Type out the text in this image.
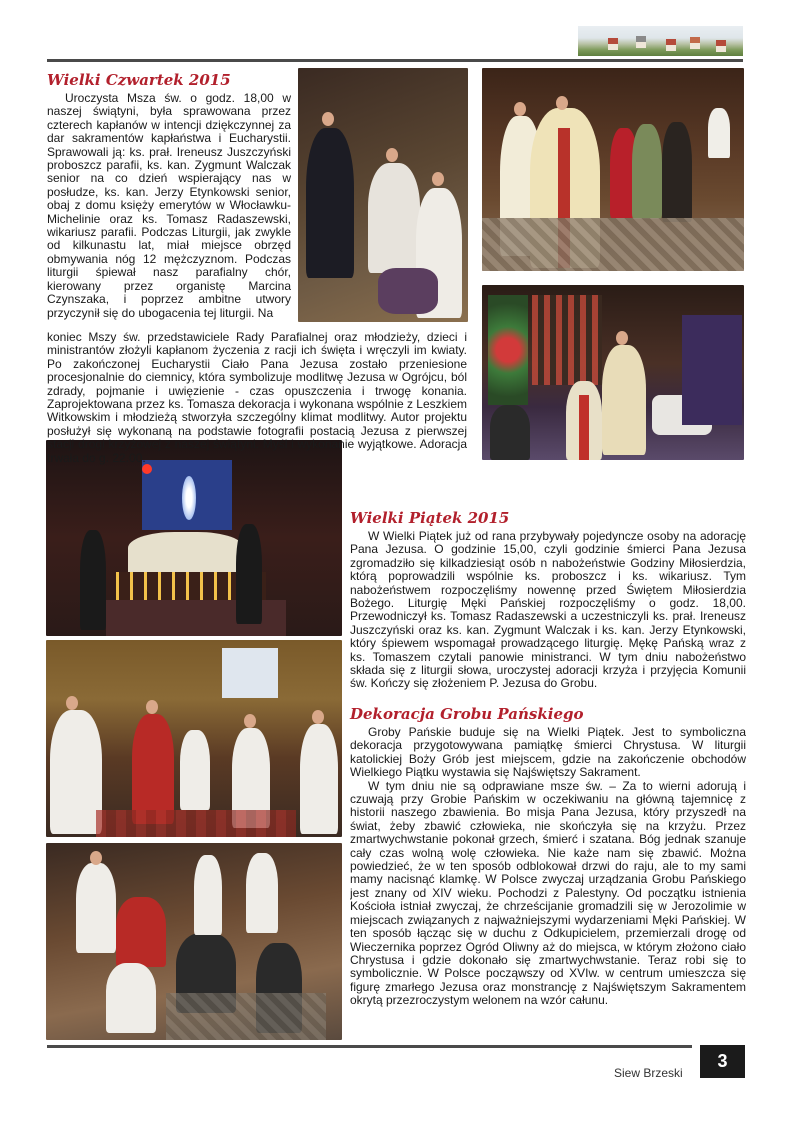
Wielki Czwartek 2015

Uroczysta Msza św. o godz. 18,00 w naszej świątyni, była sprawowana przez czterech kapłanów w intencji dziękczynnej za dar sakramentów kapłaństwa i Eucharystii. Sprawowali ją: ks. prał. Ireneusz Juszczyński proboszcz parafii, ks. kan. Zygmunt Walczak senior na co dzień wspierający nas w posłudze, ks. kan. Jerzy Etynkowski senior, obaj z domu księży emerytów w Włocławku-Michelinie oraz ks. Tomasz Radaszewski, wikariusz parafii. Podczas Liturgii, jak zwykle od kilkunastu lat, miał miejsce obrzęd obmywania nóg 12 mężczyznom. Podczas liturgii śpiewał nasz parafialny chór, kierowany przez organistę Marcina Czynszaka, i poprzez ambitne utwory przyczynił się do ubogacenia tej liturgii. Na

koniec Mszy św. przedstawiciele Rady Parafialnej oraz młodzieży, dzieci i ministrantów złożyli kapłanom życzenia z racji ich święta i wręczyli im kwiaty. Po zakończonej Eucharystii Ciało Pana Jezusa zostało przeniesione procesjonalnie do ciemnicy, która symbolizuje modlitwę Jezusa w Ogrójcu, ból zdrady, pojmanie i uwięzienie - czas opuszczenia i trwogę konania. Zaprojektowana przez ks. Tomasza dekoracja i wykonana wspólnie z Leszkiem Witkowskim i młodzieżą stworzyła szczególny klimat modlitwy. Autor projektu posłużył się wykonaną na podstawie fotografii postacią Jezusa z pierwszej stacji drogi krzyżowej z naszej świątyni. Myśl i wykonanie wyjątkowe. Adoracja trwała do g. 22.00.

Wielki Piątek 2015

W Wielki Piątek już od rana przybywały pojedyncze osoby na adorację Pana Jezusa. O godzinie 15,00, czyli godzinie śmierci Pana Jezusa zgromadziło się kilkadziesiąt osób n nabożeństwie Godziny Miłosierdzia, którą poprowadzili wspólnie ks. proboszcz i ks. wikariusz. Tym nabożeństwem rozpoczęliśmy nowennę przed Świętem Miłosierdzia Bożego. Liturgię Męki Pańskiej rozpoczęliśmy o godz. 18,00. Przewodniczył ks. Tomasz Radaszewski a uczestniczyli ks. prał. Ireneusz Juszczyński oraz ks. kan. Zygmunt Walczak i ks. kan. Jerzy Etynkowski, który śpiewem wspomagał prowadzącego liturgię. Mękę Pańską wraz z ks. Tomaszem czytali panowie ministranci. W tym dniu nabożeństwo składa się z liturgii słowa, uroczystej adoracji krzyża i przyjęcia Komunii św. Kończy się złożeniem P. Jezusa do Grobu.

Dekoracja Grobu Pańskiego

Groby Pańskie buduje się na Wielki Piątek. Jest to symboliczna dekoracja przygotowywana pamiątkę śmierci Chrystusa. W liturgii katolickiej Boży Grób jest miejscem, gdzie na zakończenie obchodów Wielkiego Piątku wystawia się Najświętszy Sakrament.

W tym dniu nie są odprawiane msze św. – Za to wierni adorują i czuwają przy Grobie Pańskim w oczekiwaniu na główną tajemnicę z historii naszego zbawienia. Bo misja Pana Jezusa, który przyszedł na świat, żeby zbawić człowieka, nie skończyła się na krzyżu. Przez zmartwychwstanie pokonał grzech, śmierć i szatana. Bóg jednak szanuje cały czas wolną wolę człowieka. Nie każe nam się zbawić. Można powiedzieć, że w ten sposób odblokował drzwi do raju, ale to my sami mamy nacisnąć klamkę. W Polsce zwyczaj urządzania Grobu Pańskiego jest znany od XIV wieku. Pochodzi z Palestyny. Od początku istnienia Kościoła istniał zwyczaj, że chrześcijanie gromadzili się w Jerozolimie w miejscach związanych z najważniejszymi wydarzeniami Męki Pańskiej. W ten sposób łącząc się w duchu z Odkupicielem, przemierzali drogę od Wieczernika poprzez Ogród Oliwny aż do miejsca, w którym złożono ciało Chrystusa i gdzie dokonało się zmartwychwstanie. Teraz robi się to symbolicznie. W Polsce począwszy od XVIw. w centrum umieszcza się figurę zmarłego Jezusa oraz monstrancję z Najświętszym Sakramentem okrytą przezroczystym welonem na wzór całunu.

Siew Brzeski
3
